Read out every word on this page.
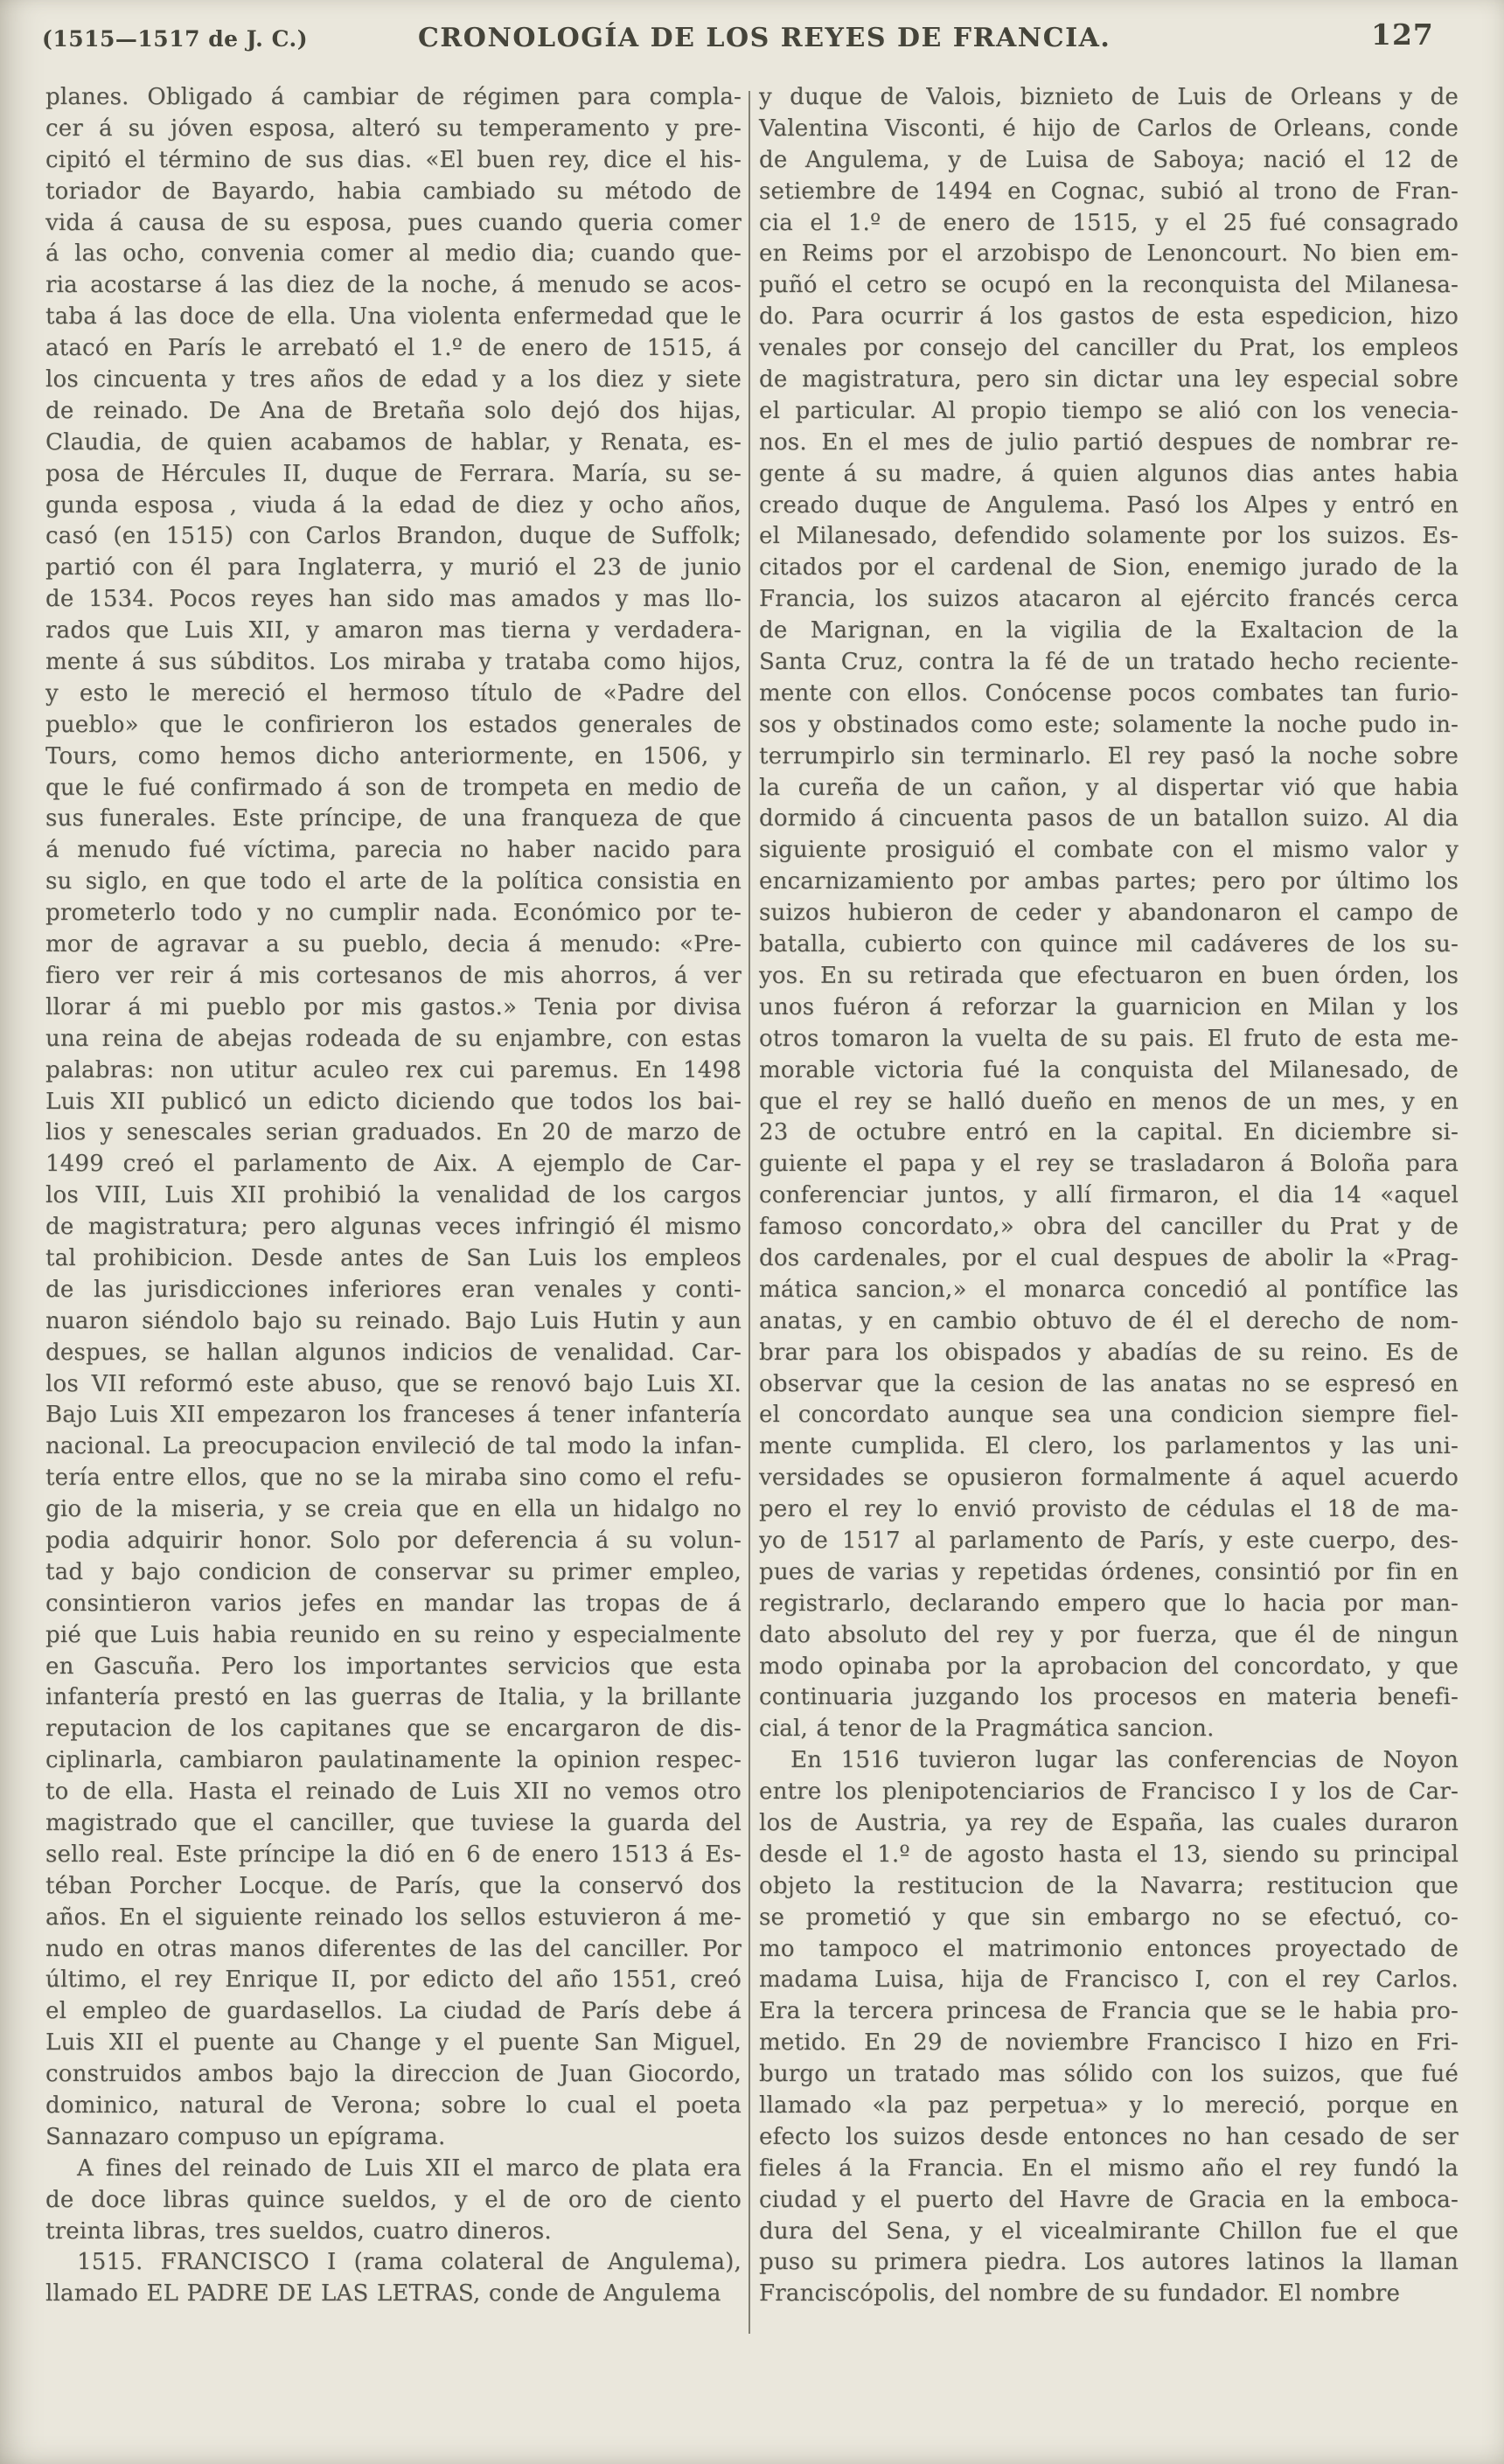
(1515—1517 de J. C.)	CRONOLOGÍA DE LOS REYES DE FRANCIA.	127
planes. Obligado á cambiar de régimen para compla-
cer á su jóven esposa, alteró su temperamento y pre-
cipitó el término de sus dias. «El buen rey, dice el his-
toriador de Bayardo, habia cambiado su método de
vida á causa de su esposa, pues cuando queria comer
á las ocho, convenia comer al medio dia; cuando que-
ria acostarse á las diez de la noche, á menudo se acos-
taba á las doce de ella. Una violenta enfermedad que le
atacó en París le arrebató el 1.º de enero de 1515, á
los cincuenta y tres años de edad y a los diez y siete
de reinado. De Ana de Bretaña solo dejó dos hijas,
Claudia, de quien acabamos de hablar, y Renata, es-
posa de Hércules II, duque de Ferrara. María, su se-
gunda esposa , viuda á la edad de diez y ocho años,
casó (en 1515) con Carlos Brandon, duque de Suffolk;
partió con él para Inglaterra, y murió el 23 de junio
de 1534. Pocos reyes han sido mas amados y mas llo-
rados que Luis XII, y amaron mas tierna y verdadera-
mente á sus súbditos. Los miraba y trataba como hijos,
y esto le mereció el hermoso título de «Padre del
pueblo» que le confirieron los estados generales de
Tours, como hemos dicho anteriormente, en 1506, y
que le fué confirmado á son de trompeta en medio de
sus funerales. Este príncipe, de una franqueza de que
á menudo fué víctima, parecia no haber nacido para
su siglo, en que todo el arte de la política consistia en
prometerlo todo y no cumplir nada. Económico por te-
mor de agravar a su pueblo, decia á menudo: «Pre-
fiero ver reir á mis cortesanos de mis ahorros, á ver
llorar á mi pueblo por mis gastos.» Tenia por divisa
una reina de abejas rodeada de su enjambre, con estas
palabras: non utitur aculeo rex cui paremus. En 1498
Luis XII publicó un edicto diciendo que todos los bai-
lios y senescales serian graduados. En 20 de marzo de
1499 creó el parlamento de Aix. A ejemplo de Car-
los VIII, Luis XII prohibió la venalidad de los cargos
de magistratura; pero algunas veces infringió él mismo
tal prohibicion. Desde antes de San Luis los empleos
de las jurisdicciones inferiores eran venales y conti-
nuaron siéndolo bajo su reinado. Bajo Luis Hutin y aun
despues, se hallan algunos indicios de venalidad. Car-
los VII reformó este abuso, que se renovó bajo Luis XI.
Bajo Luis XII empezaron los franceses á tener infantería
nacional. La preocupacion envileció de tal modo la infan-
tería entre ellos, que no se la miraba sino como el refu-
gio de la miseria, y se creia que en ella un hidalgo no
podia adquirir honor. Solo por deferencia á su volun-
tad y bajo condicion de conservar su primer empleo,
consintieron varios jefes en mandar las tropas de á
pié que Luis habia reunido en su reino y especialmente
en Gascuña. Pero los importantes servicios que esta
infantería prestó en las guerras de Italia, y la brillante
reputacion de los capitanes que se encargaron de dis-
ciplinarla, cambiaron paulatinamente la opinion respec-
to de ella. Hasta el reinado de Luis XII no vemos otro
magistrado que el canciller, que tuviese la guarda del
sello real. Este príncipe la dió en 6 de enero 1513 á Es-
téban Porcher Locque. de París, que la conservó dos
años. En el siguiente reinado los sellos estuvieron á me-
nudo en otras manos diferentes de las del canciller. Por
último, el rey Enrique II, por edicto del año 1551, creó
el empleo de guardasellos. La ciudad de París debe á
Luis XII el puente au Change y el puente San Miguel,
construidos ambos bajo la direccion de Juan Giocordo,
dominico, natural de Verona; sobre lo cual el poeta
Sannazaro compuso un epígrama.
A fines del reinado de Luis XII el marco de plata era
de doce libras quince sueldos, y el de oro de ciento
treinta libras, tres sueldos, cuatro dineros.
1515. FRANCISCO I (rama colateral de Angulema),
llamado EL PADRE DE LAS LETRAS, conde de Angulema
y duque de Valois, biznieto de Luis de Orleans y de
Valentina Visconti, é hijo de Carlos de Orleans, conde
de Angulema, y de Luisa de Saboya; nació el 12 de
setiembre de 1494 en Cognac, subió al trono de Fran-
cia el 1.º de enero de 1515, y el 25 fué consagrado
en Reims por el arzobispo de Lenoncourt. No bien em-
puñó el cetro se ocupó en la reconquista del Milanesa-
do. Para ocurrir á los gastos de esta espedicion, hizo
venales por consejo del canciller du Prat, los empleos
de magistratura, pero sin dictar una ley especial sobre
el particular. Al propio tiempo se alió con los venecia-
nos. En el mes de julio partió despues de nombrar re-
gente á su madre, á quien algunos dias antes habia
creado duque de Angulema. Pasó los Alpes y entró en
el Milanesado, defendido solamente por los suizos. Es-
citados por el cardenal de Sion, enemigo jurado de la
Francia, los suizos atacaron al ejército francés cerca
de Marignan, en la vigilia de la Exaltacion de la
Santa Cruz, contra la fé de un tratado hecho reciente-
mente con ellos. Conócense pocos combates tan furio-
sos y obstinados como este; solamente la noche pudo in-
terrumpirlo sin terminarlo. El rey pasó la noche sobre
la cureña de un cañon, y al dispertar vió que habia
dormido á cincuenta pasos de un batallon suizo. Al dia
siguiente prosiguió el combate con el mismo valor y
encarnizamiento por ambas partes; pero por último los
suizos hubieron de ceder y abandonaron el campo de
batalla, cubierto con quince mil cadáveres de los su-
yos. En su retirada que efectuaron en buen órden, los
unos fuéron á reforzar la guarnicion en Milan y los
otros tomaron la vuelta de su pais. El fruto de esta me-
morable victoria fué la conquista del Milanesado, de
que el rey se halló dueño en menos de un mes, y en
23 de octubre entró en la capital. En diciembre si-
guiente el papa y el rey se trasladaron á Boloña para
conferenciar juntos, y allí firmaron, el dia 14 «aquel
famoso concordato,» obra del canciller du Prat y de
dos cardenales, por el cual despues de abolir la «Prag-
mática sancion,» el monarca concedió al pontífice las
anatas, y en cambio obtuvo de él el derecho de nom-
brar para los obispados y abadías de su reino. Es de
observar que la cesion de las anatas no se espresó en
el concordato aunque sea una condicion siempre fiel-
mente cumplida. El clero, los parlamentos y las uni-
versidades se opusieron formalmente á aquel acuerdo
pero el rey lo envió provisto de cédulas el 18 de ma-
yo de 1517 al parlamento de París, y este cuerpo, des-
pues de varias y repetidas órdenes, consintió por fin en
registrarlo, declarando empero que lo hacia por man-
dato absoluto del rey y por fuerza, que él de ningun
modo opinaba por la aprobacion del concordato, y que
continuaria juzgando los procesos en materia benefi-
cial, á tenor de la Pragmática sancion.
En 1516 tuvieron lugar las conferencias de Noyon
entre los plenipotenciarios de Francisco I y los de Car-
los de Austria, ya rey de España, las cuales duraron
desde el 1.º de agosto hasta el 13, siendo su principal
objeto la restitucion de la Navarra; restitucion que
se prometió y que sin embargo no se efectuó, co-
mo tampoco el matrimonio entonces proyectado de
madama Luisa, hija de Francisco I, con el rey Carlos.
Era la tercera princesa de Francia que se le habia pro-
metido. En 29 de noviembre Francisco I hizo en Fri-
burgo un tratado mas sólido con los suizos, que fué
llamado «la paz perpetua» y lo mereció, porque en
efecto los suizos desde entonces no han cesado de ser
fieles á la Francia. En el mismo año el rey fundó la
ciudad y el puerto del Havre de Gracia en la emboca-
dura del Sena, y el vicealmirante Chillon fue el que
puso su primera piedra. Los autores latinos la llaman
Franciscópolis, del nombre de su fundador. El nombre
